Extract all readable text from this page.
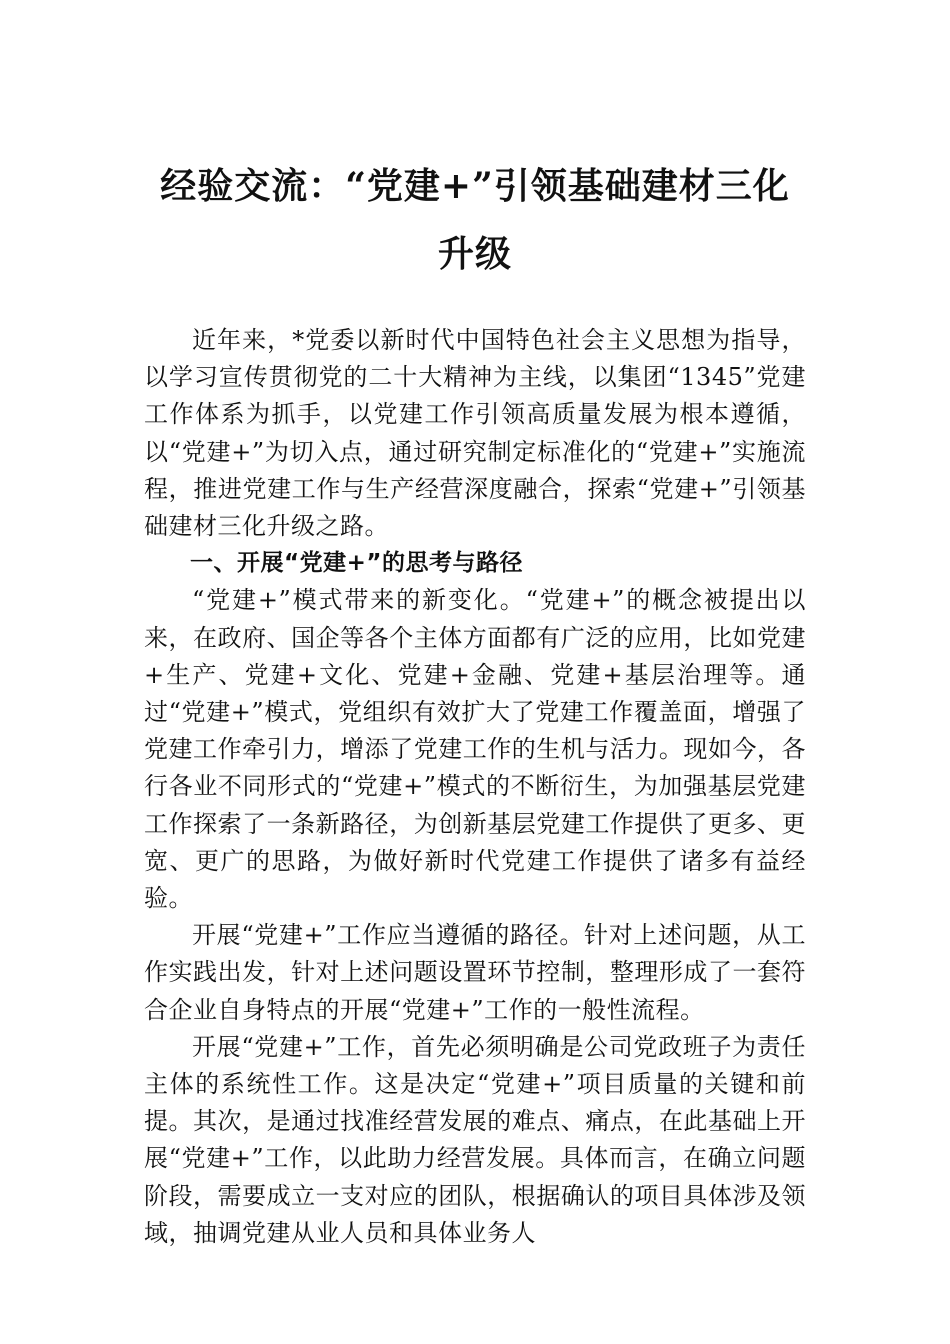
经验交流：“党建+”引领基础建材三化升级

近年来，*党委以新时代中国特色社会主义思想为指导，以学习宣传贯彻党的二十大精神为主线，以集团“1345”党建工作体系为抓手，以党建工作引领高质量发展为根本遵循，以“党建+”为切入点，通过研究制定标准化的“党建+”实施流程，推进党建工作与生产经营深度融合，探索“党建+”引领基础建材三化升级之路。

一、开展“党建+”的思考与路径

“党建+”模式带来的新变化。“党建+”的概念被提出以来，在政府、国企等各个主体方面都有广泛的应用，比如党建+生产、党建+文化、党建+金融、党建+基层治理等。通过“党建+”模式，党组织有效扩大了党建工作覆盖面，增强了党建工作牵引力，增添了党建工作的生机与活力。现如今，各行各业不同形式的“党建+”模式的不断衍生，为加强基层党建工作探索了一条新路径，为创新基层党建工作提供了更多、更宽、更广的思路，为做好新时代党建工作提供了诸多有益经验。

开展“党建+”工作应当遵循的路径。针对上述问题，从工作实践出发，针对上述问题设置环节控制，整理形成了一套符合企业自身特点的开展“党建+”工作的一般性流程。

开展“党建+”工作，首先必须明确是公司党政班子为责任主体的系统性工作。这是决定“党建+”项目质量的关键和前提。其次，是通过找准经营发展的难点、痛点，在此基础上开展“党建+”工作，以此助力经营发展。具体而言，在确立问题阶段，需要成立一支对应的团队，根据确认的项目具体涉及领域，抽调党建从业人员和具体业务人
